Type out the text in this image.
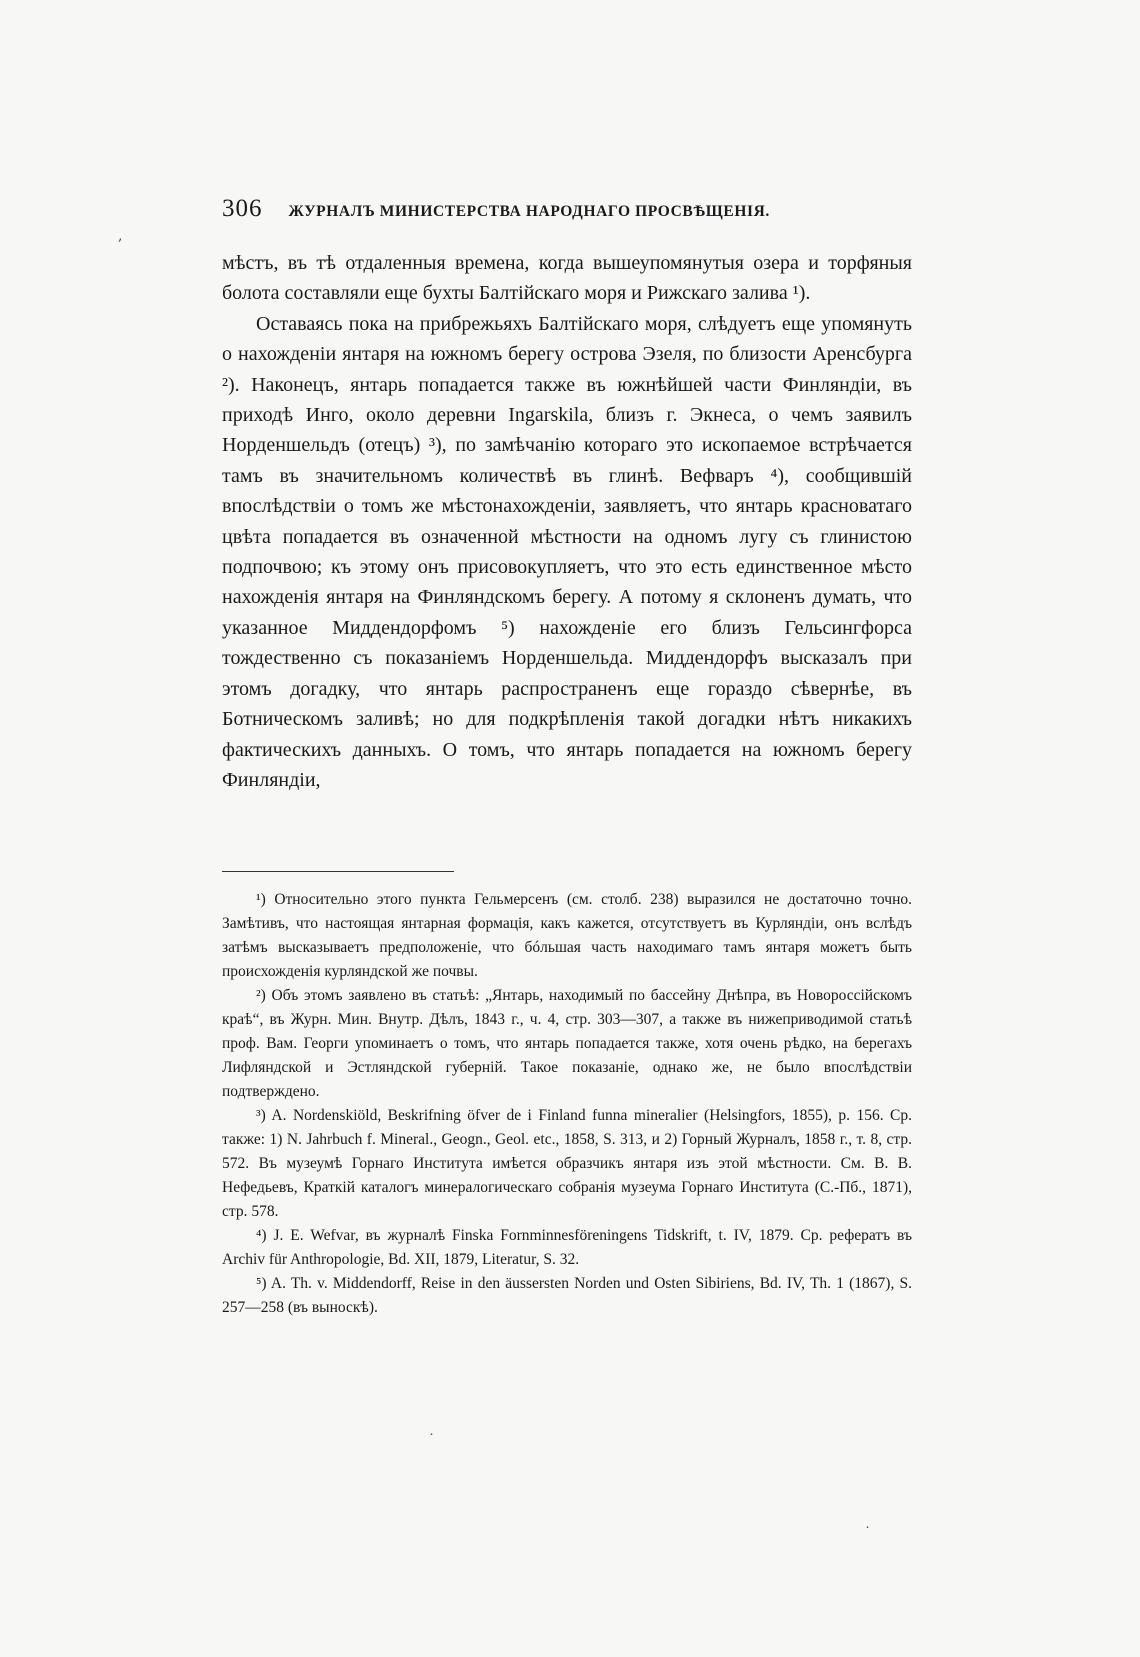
306 ЖУРНАЛЪ МИНИСТЕРСТВА НАРОДНАГО ПРОСВѢЩЕНІЯ.
,

мѣстъ, въ тѣ отдаленныя времена, когда вышеупомянутыя озера и торфяныя болота составляли еще бухты Балтійскаго моря и Рижскаго залива ¹).

Оставаясь пока на прибрежьяхъ Балтійскаго моря, слѣдуетъ еще упомянуть о нахожденіи янтаря на южномъ берегу острова Эзеля, по близости Аренсбурга ²). Наконецъ, янтарь попадается также въ южнѣйшей части Финляндіи, въ приходѣ Инго, около деревни Ingarskila, близъ г. Экнеса, о чемъ заявилъ Норденшельдъ (отецъ) ³), по замѣчанію котораго это ископаемое встрѣчается тамъ въ значительномъ количествѣ въ глинѣ. Вефваръ ⁴), сообщившій впослѣдствіи о томъ же мѣстонахожденіи, заявляетъ, что янтарь красноватаго цвѣта попадается въ означенной мѣстности на одномъ лугу съ глинистою подпочвою; къ этому онъ присовокупляетъ, что это есть единственное мѣсто нахожденія янтаря на Финляндскомъ берегу. А потому я склоненъ думать, что указанное Миддендорфомъ ⁵) нахожденіе его близъ Гельсингфорса тождественно съ показаніемъ Норденшельда. Миддендорфъ высказалъ при этомъ догадку, что янтарь распространенъ еще гораздо сѣвернѣе, въ Ботническомъ заливѣ; но для подкрѣпленія такой догадки нѣтъ никакихъ фактическихъ данныхъ. О томъ, что янтарь попадается на южномъ берегу Финляндіи,

¹) Относительно этого пункта Гельмерсенъ (см. столб. 238) выразился не достаточно точно. Замѣтивъ, что настоящая янтарная формація, какъ кажется, отсутствуетъ въ Курляндіи, онъ вслѣдъ затѣмъ высказываетъ предположеніе, что бóльшая часть находимаго тамъ янтаря можетъ быть происхожденія курляндской же почвы.

²) Объ этомъ заявлено въ статьѣ: „Янтарь, находимый по бассейну Днѣпра, въ Новороссійскомъ краѣ“, въ Журн. Мин. Внутр. Дѣлъ, 1843 г., ч. 4, стр. 303—307, а также въ нижеприводимой статьѣ проф. Вам. Георги упоминаетъ о томъ, что янтарь попадается также, хотя очень рѣдко, на берегахъ Лифляндской и Эстляндской губерній. Такое показаніе, однако же, не было впослѣдствіи подтверждено.

³) A. Nordenskiöld, Beskrifning öfver de i Finland funna mineralier (Helsingfors, 1855), p. 156. Ср. также: 1) N. Jahrbuch f. Mineral., Geogn., Geol. etc., 1858, S. 313, и 2) Горный Журналъ, 1858 г., т. 8, стр. 572. Въ музеумѣ Горнаго Института имѣется образчикъ янтаря изъ этой мѣстности. См. В. В. Нефедьевъ, Краткій каталогъ минералогическаго собранія музеума Горнаго Института (С.-Пб., 1871), стр. 578.

⁴) J. E. Wefvar, въ журналѣ Finska Fornminnesföreningens Tidskrift, t. IV, 1879. Ср. рефератъ въ Archiv für Anthropologie, Bd. XII, 1879, Literatur, S. 32.

⁵) A. Th. v. Middendorff, Reise in den äussersten Norden und Osten Sibiriens, Bd. IV, Th. 1 (1867), S. 257—258 (въ выноскѣ).

˙
˙
